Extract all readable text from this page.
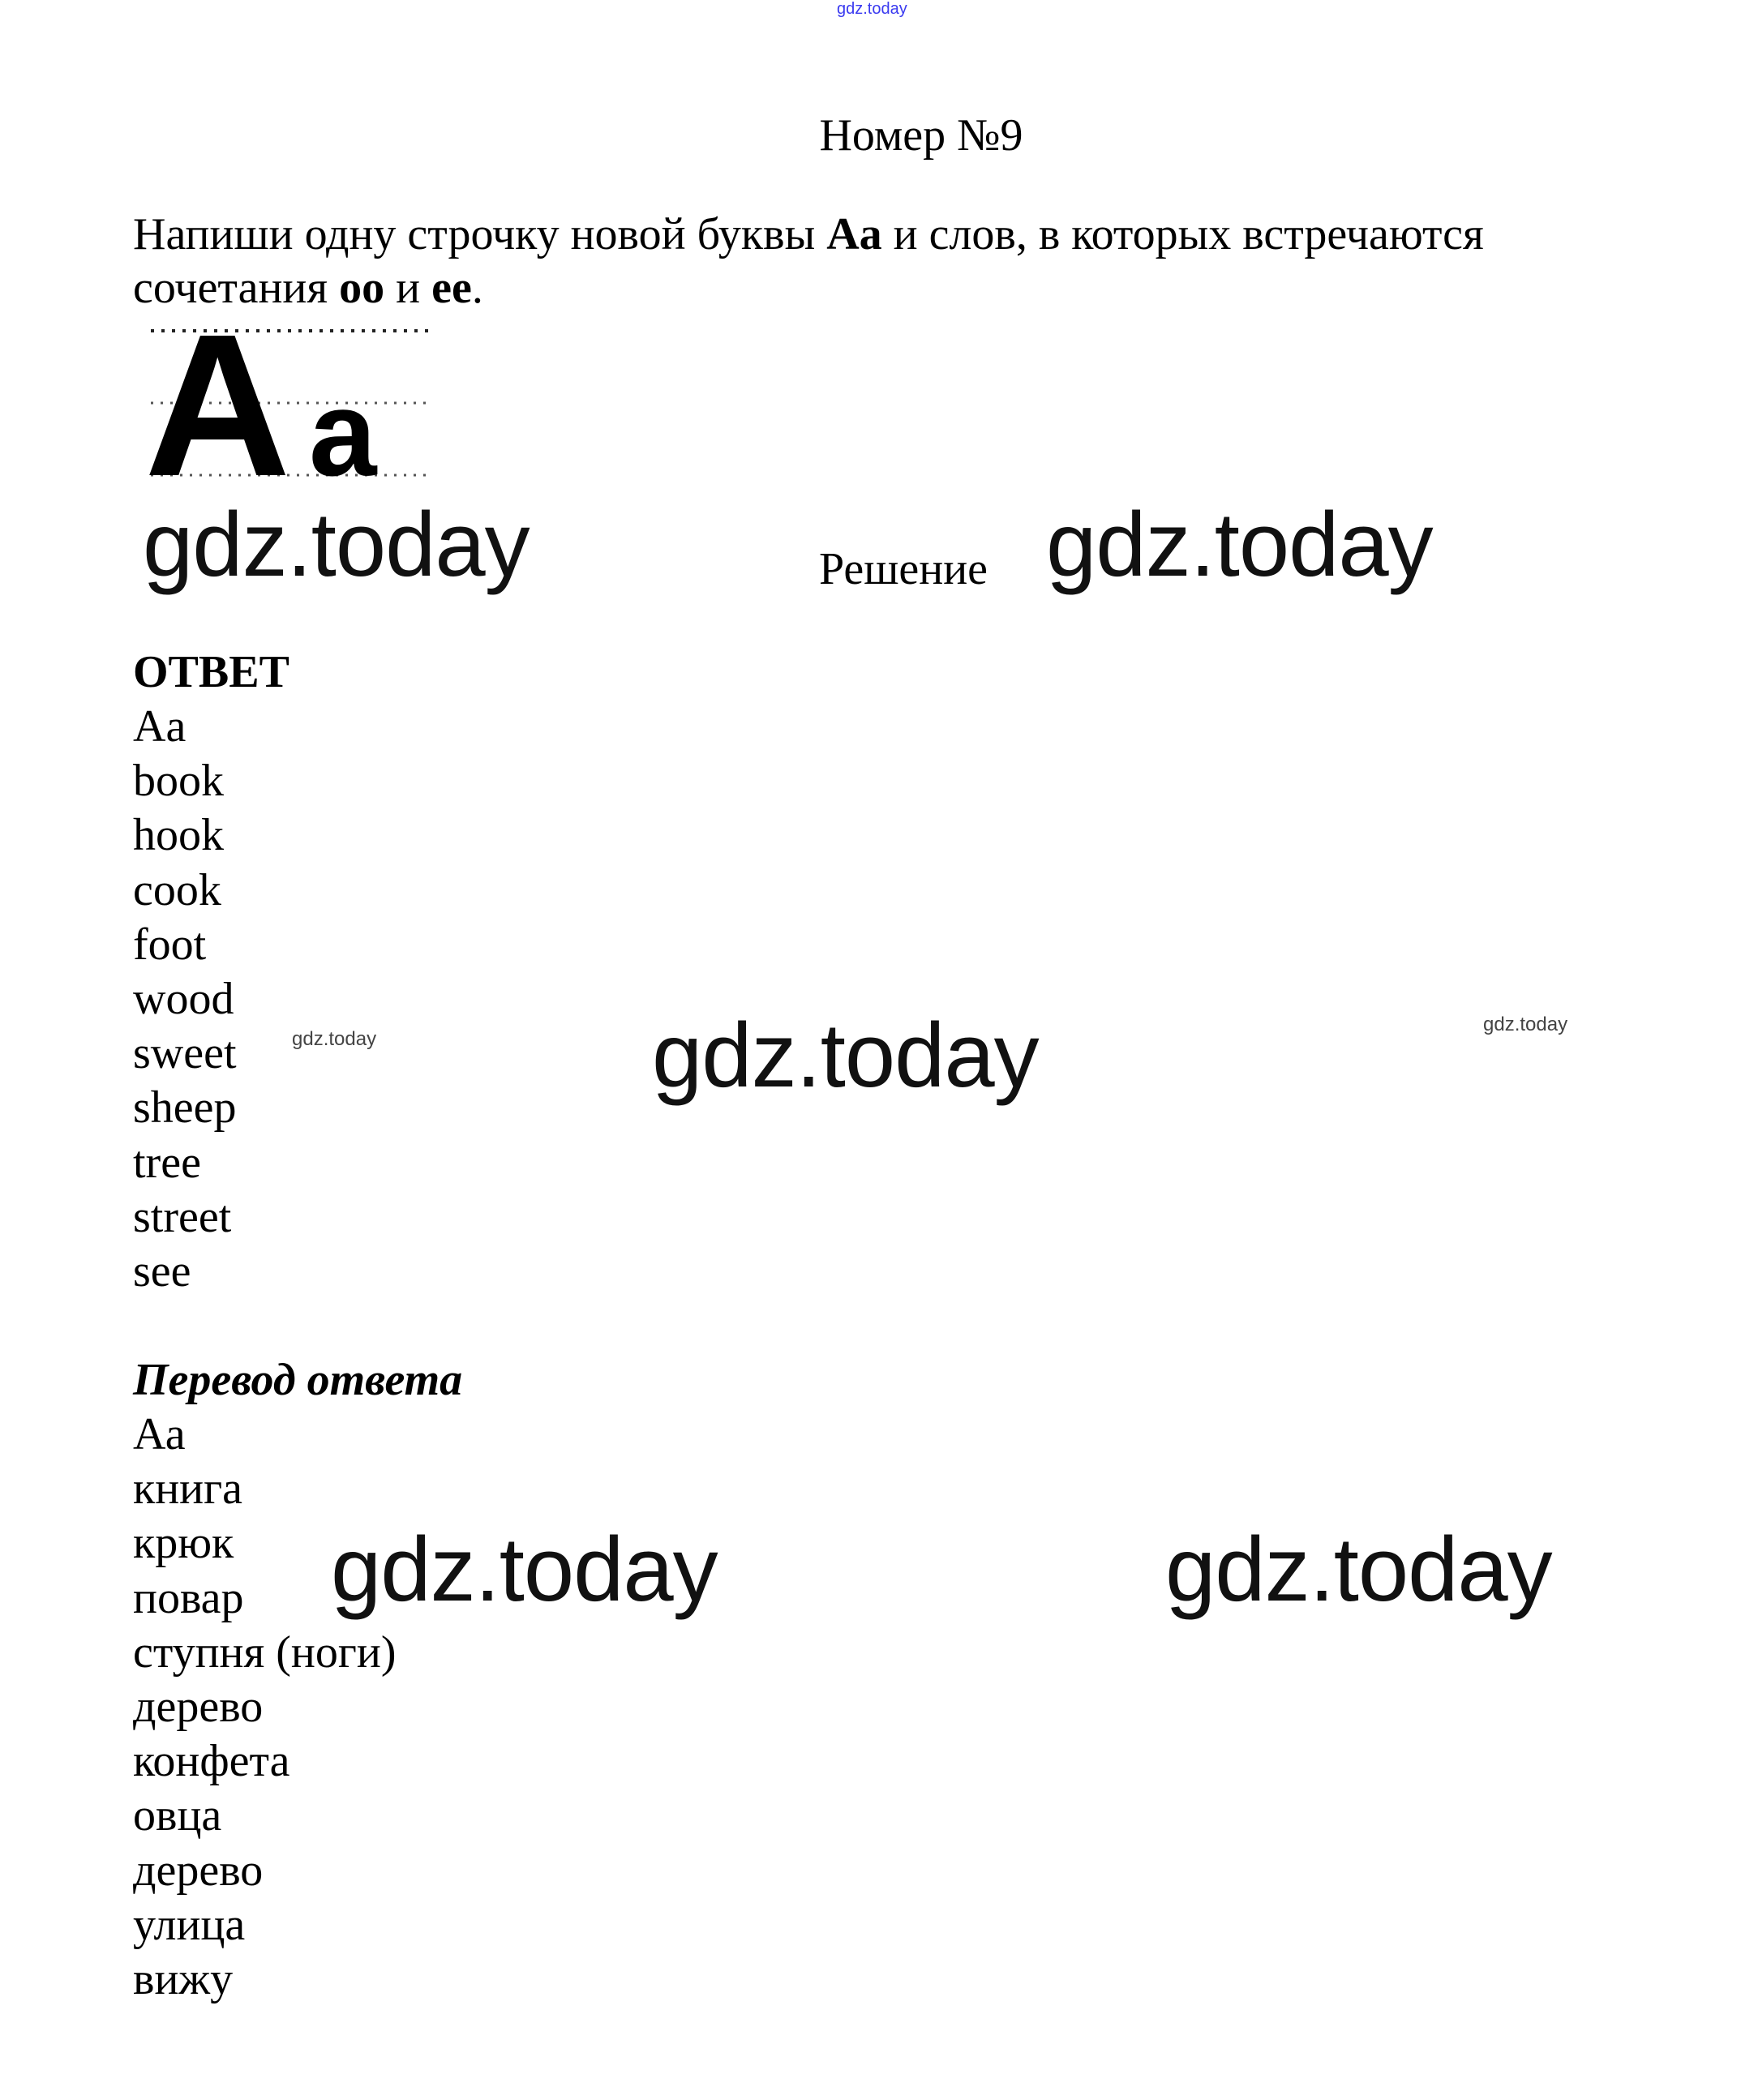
gdz.today
Номер №9
Напиши одну строчку новой буквы Aa и слов, в которых встречаются
сочетания oo и ee.
A a
gdz.today	Решение gdz.today
ОТВЕТ
Aa
book
hook
cook
foot
wood
sweet
sheep
tree
street
see
gdz.today
gdz.today
gdz.today
Перевод ответа
Аа
книга
крюк
повар
ступня (ноги)
дерево
конфета
овца
дерево
улица
вижу
gdz.today	gdz.today
